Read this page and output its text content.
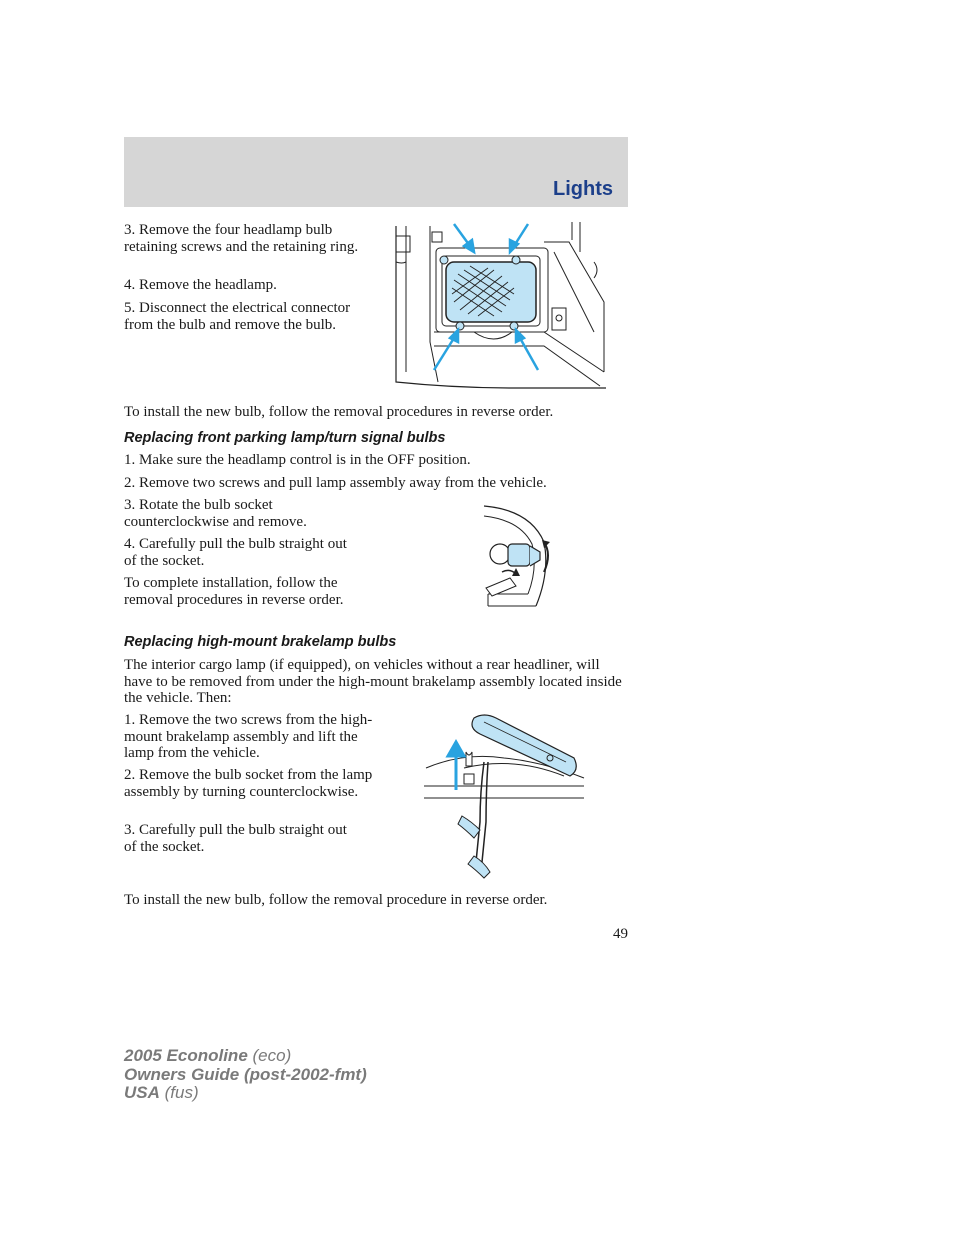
Lights

3. Remove the four headlamp bulb retaining screws and the retaining ring.

4. Remove the headlamp.

5. Disconnect the electrical connector from the bulb and remove the bulb.

To install the new bulb, follow the removal procedures in reverse order.

Replacing front parking lamp/turn signal bulbs

1. Make sure the headlamp control is in the OFF position.

2. Remove two screws and pull lamp assembly away from the vehicle.

3. Rotate the bulb socket counterclockwise and remove.

4. Carefully pull the bulb straight out of the socket.

To complete installation, follow the removal procedures in reverse order.

Replacing high-mount brakelamp bulbs

The interior cargo lamp (if equipped), on vehicles without a rear headliner, will have to be removed from under the high-mount brakelamp assembly located inside the vehicle. Then:

1. Remove the two screws from the high-mount brakelamp assembly and lift the lamp from the vehicle.

2. Remove the bulb socket from the lamp assembly by turning counterclockwise.

3. Carefully pull the bulb straight out of the socket.

To install the new bulb, follow the removal procedure in reverse order.

49
2005 Econoline (eco)
Owners Guide (post-2002-fmt)
USA (fus)
